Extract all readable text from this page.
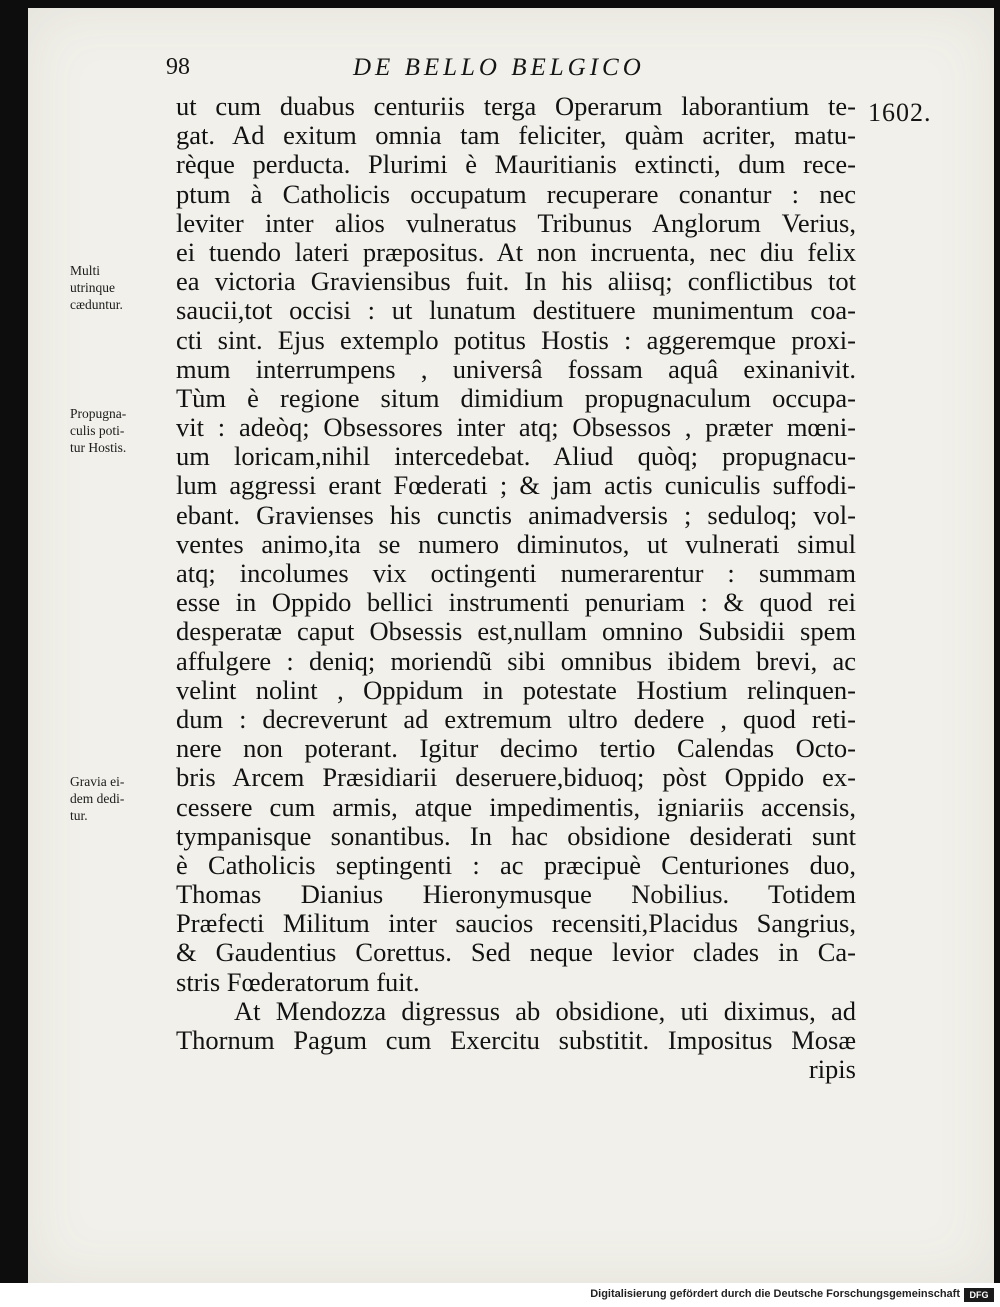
98	DE BELLO BELGICO
1602.
Multi
utrinque
cæduntur.
Propugna-
culis poti-
tur Hostis.
Gravia ei-
dem dedi-
tur.
ut cum duabus centuriis terga Operarum laborantium te-
gat. Ad exitum omnia tam feliciter, quàm acriter, matu-
rèque perducta. Plurimi è Mauritianis extincti, dum rece-
ptum à Catholicis occupatum recuperare conantur : nec
leviter inter alios vulneratus Tribunus Anglorum Verius,
ei tuendo lateri præpositus. At non incruenta, nec diu felix
ea victoria Graviensibus fuit. In his aliisq; conflictibus tot
saucii,tot occisi : ut lunatum destituere munimentum coa-
cti sint. Ejus extemplo potitus Hostis : aggeremque proxi-
mum interrumpens , universâ fossam aquâ exinanivit.
Tùm è regione situm dimidium propugnaculum occupa-
vit : adeòq; Obsessores inter atq; Obsessos , præter mœni-
um loricam,nihil intercedebat. Aliud quòq; propugnacu-
lum aggressi erant Fœderati ; & jam actis cuniculis suffodi-
ebant. Gravienses his cunctis animadversis ; seduloq; vol-
ventes animo,ita se numero diminutos, ut vulnerati simul
atq; incolumes vix octingenti numerarentur : summam
esse in Oppido bellici instrumenti penuriam : & quod rei
desperatæ caput Obsessis est,nullam omnino Subsidii spem
affulgere : deniq; moriendũ sibi omnibus ibidem brevi, ac
velint nolint , Oppidum in potestate Hostium relinquen-
dum : decreverunt ad extremum ultro dedere , quod reti-
nere non poterant. Igitur decimo tertio Calendas Octo-
bris Arcem Præsidiarii deseruere,biduoq; pòst Oppido ex-
cessere cum armis, atque impedimentis, igniariis accensis,
tympanisque sonantibus. In hac obsidione desiderati sunt
è Catholicis septingenti : ac præcipuè Centuriones duo,
Thomas Dianius Hieronymusque Nobilius. Totidem
Præfecti Militum inter saucios recensiti,Placidus Sangrius,
& Gaudentius Corettus. Sed neque levior clades in Ca-
stris Fœderatorum fuit.
At Mendozza digressus ab obsidione, uti diximus, ad
Thornum Pagum cum Exercitu substitit. Impositus Mosæ
ripis
Digitalisierung gefördert durch die Deutsche Forschungsgemeinschaft	DFG
